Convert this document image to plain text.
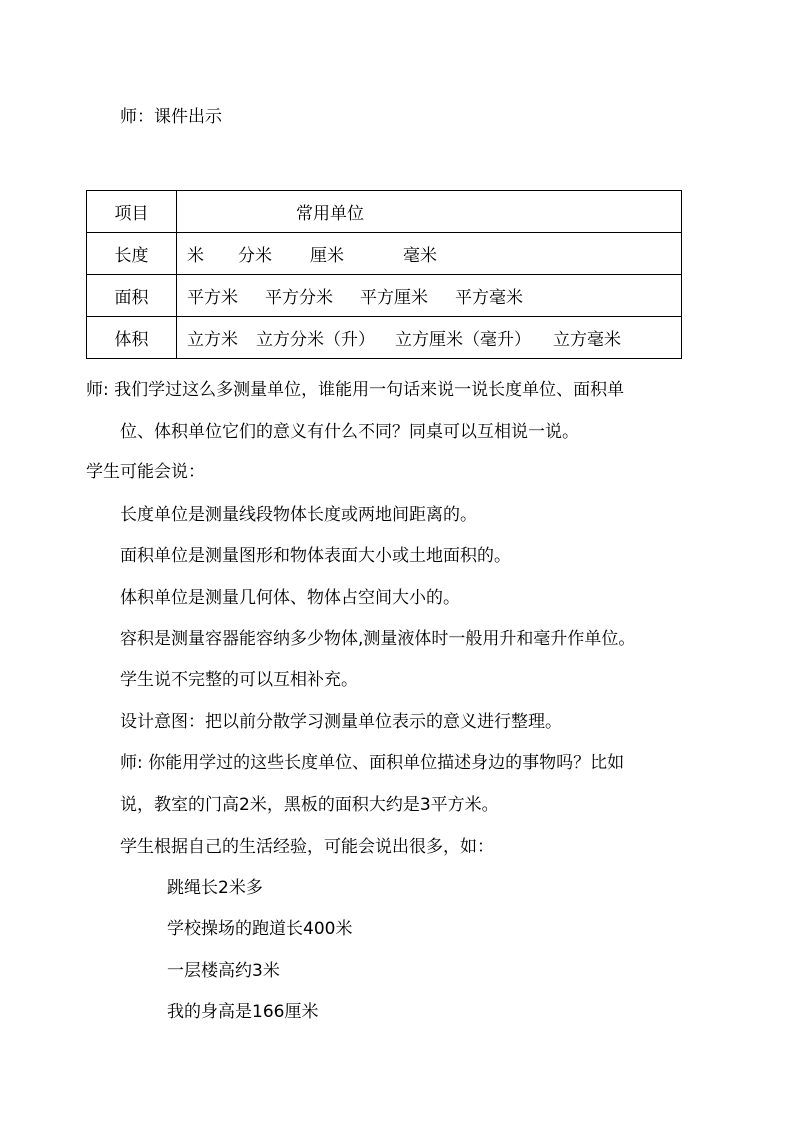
师：课件出示
项目	常用单位
长度	米 分米 厘米 毫米
面积	平方米 平方分米 平方厘米 平方毫米
体积	立方米 立方分米（升） 立方厘米（毫升） 立方毫米
师: 我们学过这么多测量单位，谁能用一句话来说一说长度单位、面积单
位、体积单位它们的意义有什么不同？同桌可以互相说一说。
学生可能会说：
长度单位是测量线段物体长度或两地间距离的。
面积单位是测量图形和物体表面大小或土地面积的。
体积单位是测量几何体、物体占空间大小的。
容积是测量容器能容纳多少物体,测量液体时一般用升和毫升作单位。
学生说不完整的可以互相补充。
设计意图：把以前分散学习测量单位表示的意义进行整理。
师: 你能用学过的这些长度单位、面积单位描述身边的事物吗？比如
说，教室的门高2米，黑板的面积大约是3平方米。
学生根据自己的生活经验，可能会说出很多，如：
跳绳长2米多
学校操场的跑道长400米
一层楼高约3米
我的身高是166厘米
